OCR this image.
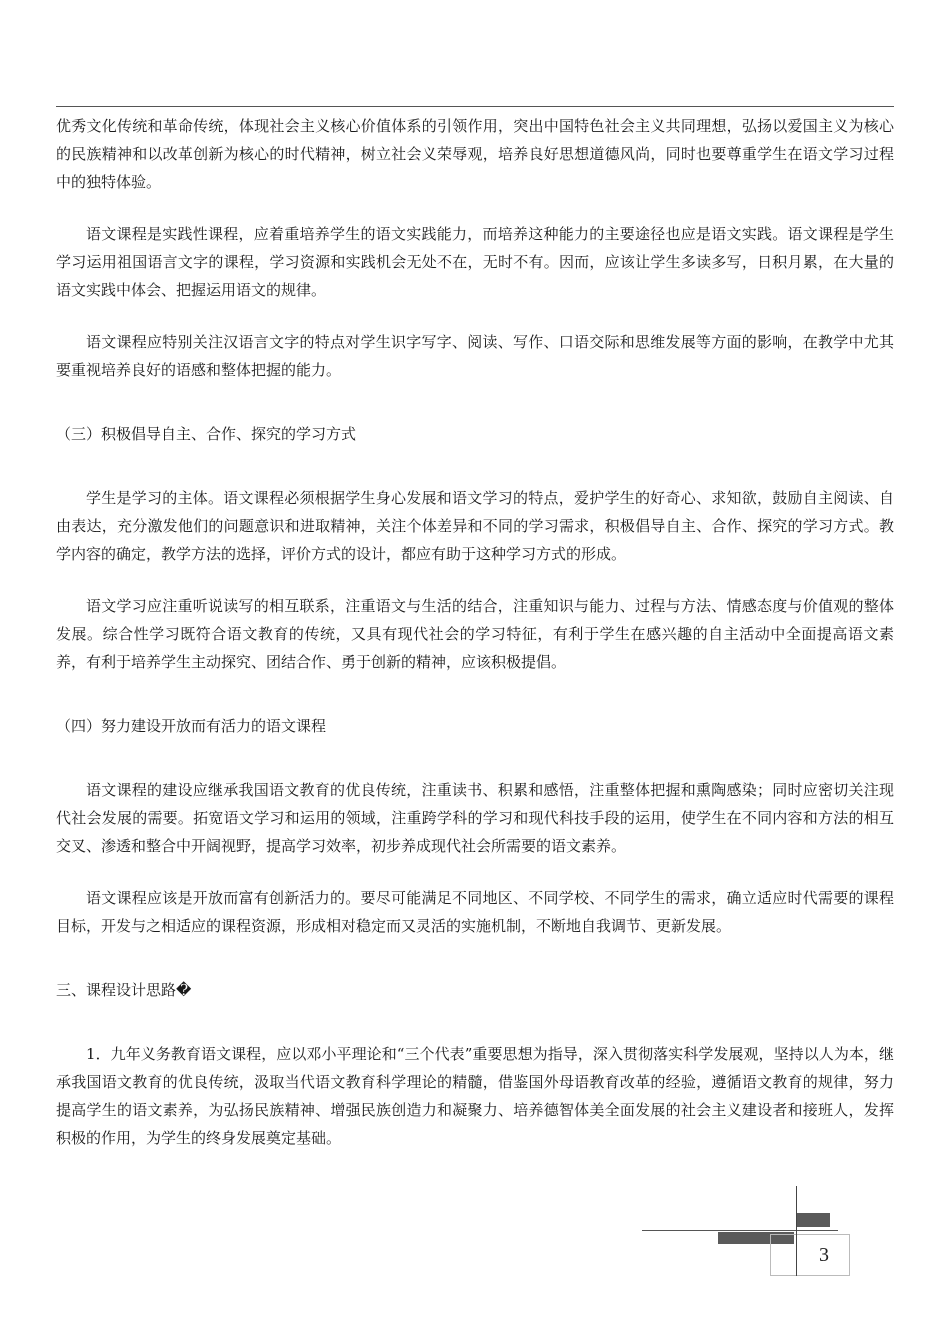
优秀文化传统和革命传统，体现社会主义核心价值体系的引领作用，突出中国特色社会主义共同理想，弘扬以爱国主义为核心的民族精神和以改革创新为核心的时代精神，树立社会义荣辱观，培养良好思想道德风尚，同时也要尊重学生在语文学习过程中的独特体验。

语文课程是实践性课程，应着重培养学生的语文实践能力，而培养这种能力的主要途径也应是语文实践。语文课程是学生学习运用祖国语言文字的课程，学习资源和实践机会无处不在，无时不有。因而，应该让学生多读多写，日积月累，在大量的语文实践中体会、把握运用语文的规律。

语文课程应特别关注汉语言文字的特点对学生识字写字、阅读、写作、口语交际和思维发展等方面的影响，在教学中尤其要重视培养良好的语感和整体把握的能力。

（三）积极倡导自主、合作、探究的学习方式

学生是学习的主体。语文课程必须根据学生身心发展和语文学习的特点，爱护学生的好奇心、求知欲，鼓励自主阅读、自由表达，充分激发他们的问题意识和进取精神，关注个体差异和不同的学习需求，积极倡导自主、合作、探究的学习方式。教学内容的确定，教学方法的选择，评价方式的设计，都应有助于这种学习方式的形成。

语文学习应注重听说读写的相互联系，注重语文与生活的结合，注重知识与能力、过程与方法、情感态度与价值观的整体发展。综合性学习既符合语文教育的传统，又具有现代社会的学习特征，有利于学生在感兴趣的自主活动中全面提高语文素养，有利于培养学生主动探究、团结合作、勇于创新的精神，应该积极提倡。

（四）努力建设开放而有活力的语文课程

语文课程的建设应继承我国语文教育的优良传统，注重读书、积累和感悟，注重整体把握和熏陶感染；同时应密切关注现代社会发展的需要。拓宽语文学习和运用的领域，注重跨学科的学习和现代科技手段的运用，使学生在不同内容和方法的相互交叉、渗透和整合中开阔视野，提高学习效率，初步养成现代社会所需要的语文素养。

语文课程应该是开放而富有创新活力的。要尽可能满足不同地区、不同学校、不同学生的需求，确立适应时代需要的课程目标，开发与之相适应的课程资源，形成相对稳定而又灵活的实施机制，不断地自我调节、更新发展。

三、课程设计思路�

1．九年义务教育语文课程，应以邓小平理论和“三个代表”重要思想为指导，深入贯彻落实科学发展观，坚持以人为本，继承我国语文教育的优良传统，汲取当代语文教育科学理论的精髓，借鉴国外母语教育改革的经验，遵循语文教育的规律，努力提高学生的语文素养，为弘扬民族精神、增强民族创造力和凝聚力、培养德智体美全面发展的社会主义建设者和接班人，发挥积极的作用，为学生的终身发展奠定基础。

3
